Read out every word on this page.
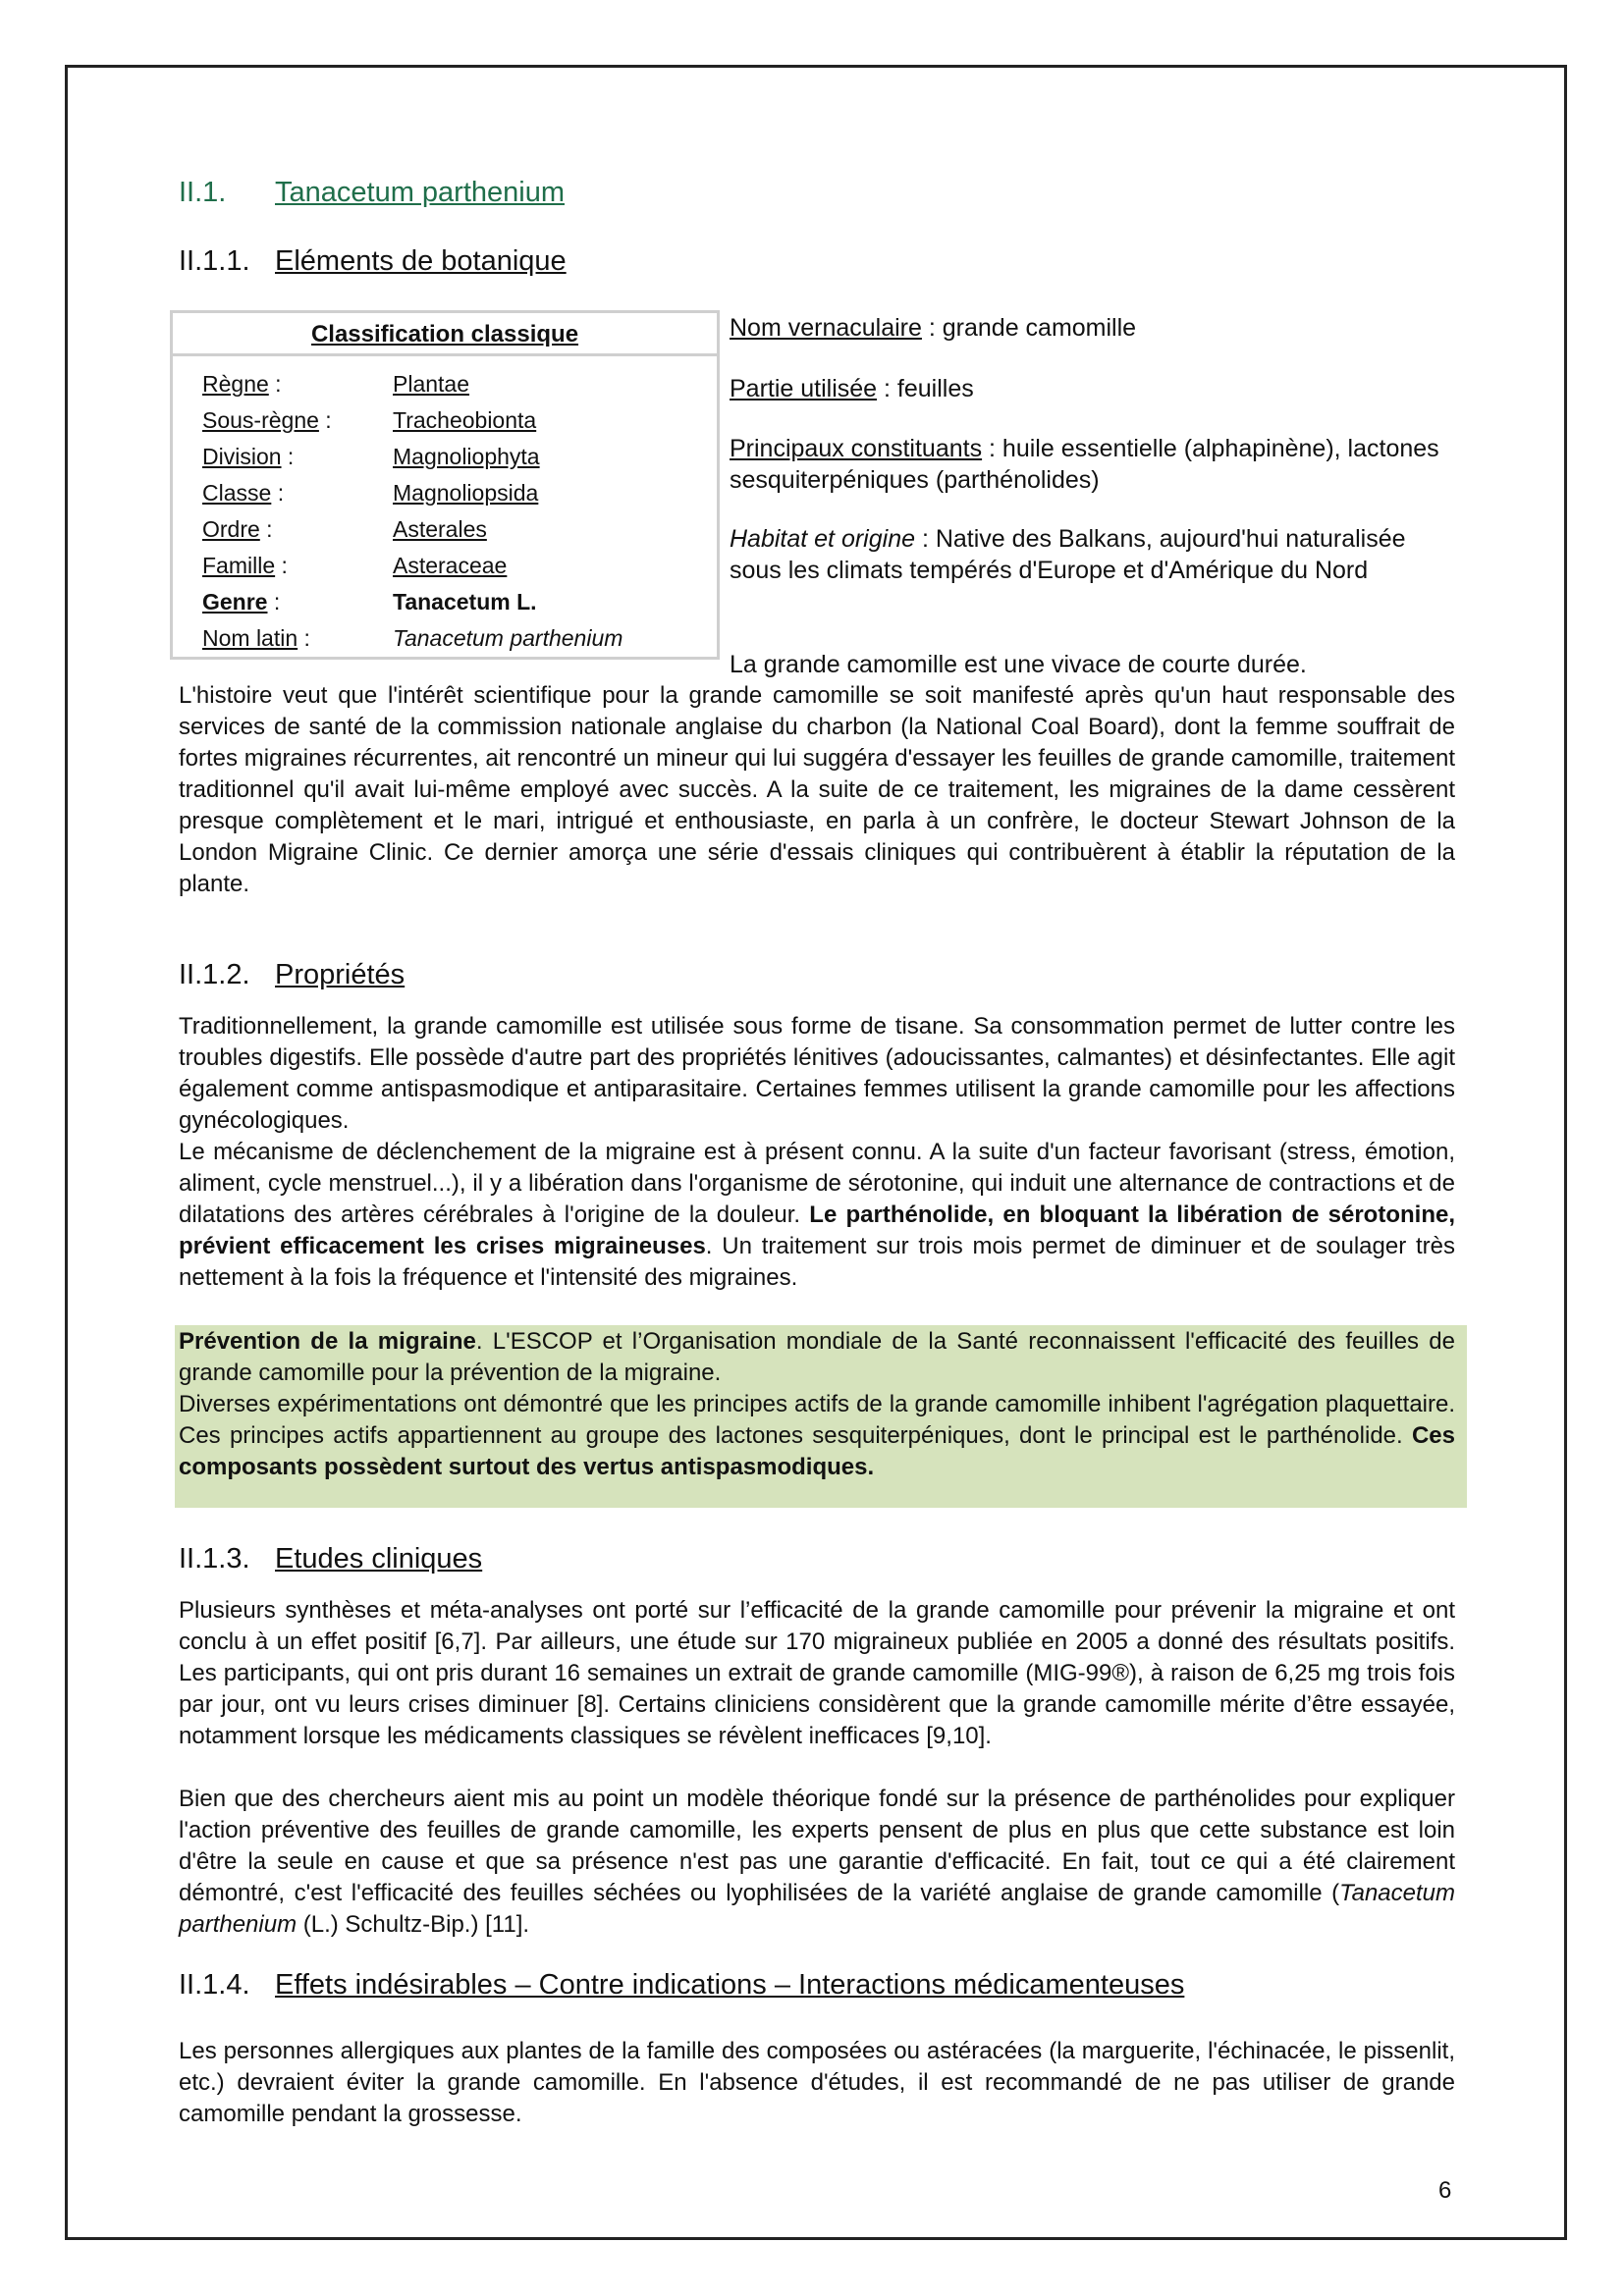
II.1. Tanacetum parthenium
II.1.1. Eléments de botanique
Classification classique
Règne :	Plantae
Sous-règne :	Tracheobionta
Division :	Magnoliophyta
Classe :	Magnoliopsida
Ordre :	Asterales
Famille :	Asteraceae
Genre :	Tanacetum L.
Nom latin :	Tanacetum parthenium
Nom vernaculaire : grande camomille
Partie utilisée : feuilles
Principaux constituants : huile essentielle (alphapinène), lactones sesquiterpéniques (parthénolides)
Habitat et origine : Native des Balkans, aujourd'hui naturalisée sous les climats tempérés d'Europe et d'Amérique du Nord
La grande camomille est une vivace de courte durée.
L'histoire veut que l'intérêt scientifique pour la grande camomille se soit manifesté après qu'un haut responsable des services de santé de la commission nationale anglaise du charbon (la National Coal Board), dont la femme souffrait de fortes migraines récurrentes, ait rencontré un mineur qui lui suggéra d'essayer les feuilles de grande camomille, traitement traditionnel qu'il avait lui-même employé avec succès. A la suite de ce traitement, les migraines de la dame cessèrent presque complètement et le mari, intrigué et enthousiaste, en parla à un confrère, le docteur Stewart Johnson de la London Migraine Clinic. Ce dernier amorça une série d'essais cliniques qui contribuèrent à établir la réputation de la plante.
II.1.2. Propriétés
Traditionnellement, la grande camomille est utilisée sous forme de tisane. Sa consommation permet de lutter contre les troubles digestifs. Elle possède d'autre part des propriétés lénitives (adoucissantes, calmantes) et désinfectantes. Elle agit également comme antispasmodique et antiparasitaire. Certaines femmes utilisent la grande camomille pour les affections gynécologiques.
Le mécanisme de déclenchement de la migraine est à présent connu. A la suite d'un facteur favorisant (stress, émotion, aliment, cycle menstruel...), il y a libération dans l'organisme de sérotonine, qui induit une alternance de contractions et de dilatations des artères cérébrales à l'origine de la douleur. Le parthénolide, en bloquant la libération de sérotonine, prévient efficacement les crises migraineuses. Un traitement sur trois mois permet de diminuer et de soulager très nettement à la fois la fréquence et l'intensité des migraines.
Prévention de la migraine. L'ESCOP et l’Organisation mondiale de la Santé reconnaissent l'efficacité des feuilles de grande camomille pour la prévention de la migraine.
Diverses expérimentations ont démontré que les principes actifs de la grande camomille inhibent l'agrégation plaquettaire. Ces principes actifs appartiennent au groupe des lactones sesquiterpéniques, dont le principal est le parthénolide. Ces composants possèdent surtout des vertus antispasmodiques.
II.1.3. Etudes cliniques
Plusieurs synthèses et méta-analyses ont porté sur l’efficacité de la grande camomille pour prévenir la migraine et ont conclu à un effet positif [6,7]. Par ailleurs, une étude sur 170 migraineux publiée en 2005 a donné des résultats positifs. Les participants, qui ont pris durant 16 semaines un extrait de grande camomille (MIG-99®), à raison de 6,25 mg trois fois par jour, ont vu leurs crises diminuer [8]. Certains cliniciens considèrent que la grande camomille mérite d’être essayée, notamment lorsque les médicaments classiques se révèlent inefficaces [9,10].
Bien que des chercheurs aient mis au point un modèle théorique fondé sur la présence de parthénolides pour expliquer l'action préventive des feuilles de grande camomille, les experts pensent de plus en plus que cette substance est loin d'être la seule en cause et que sa présence n'est pas une garantie d'efficacité. En fait, tout ce qui a été clairement démontré, c'est l'efficacité des feuilles séchées ou lyophilisées de la variété anglaise de grande camomille (Tanacetum parthenium (L.) Schultz-Bip.) [11].
II.1.4. Effets indésirables – Contre indications – Interactions médicamenteuses
Les personnes allergiques aux plantes de la famille des composées ou astéracées (la marguerite, l'échinacée, le pissenlit, etc.) devraient éviter la grande camomille. En l'absence d'études, il est recommandé de ne pas utiliser de grande camomille pendant la grossesse.
6
